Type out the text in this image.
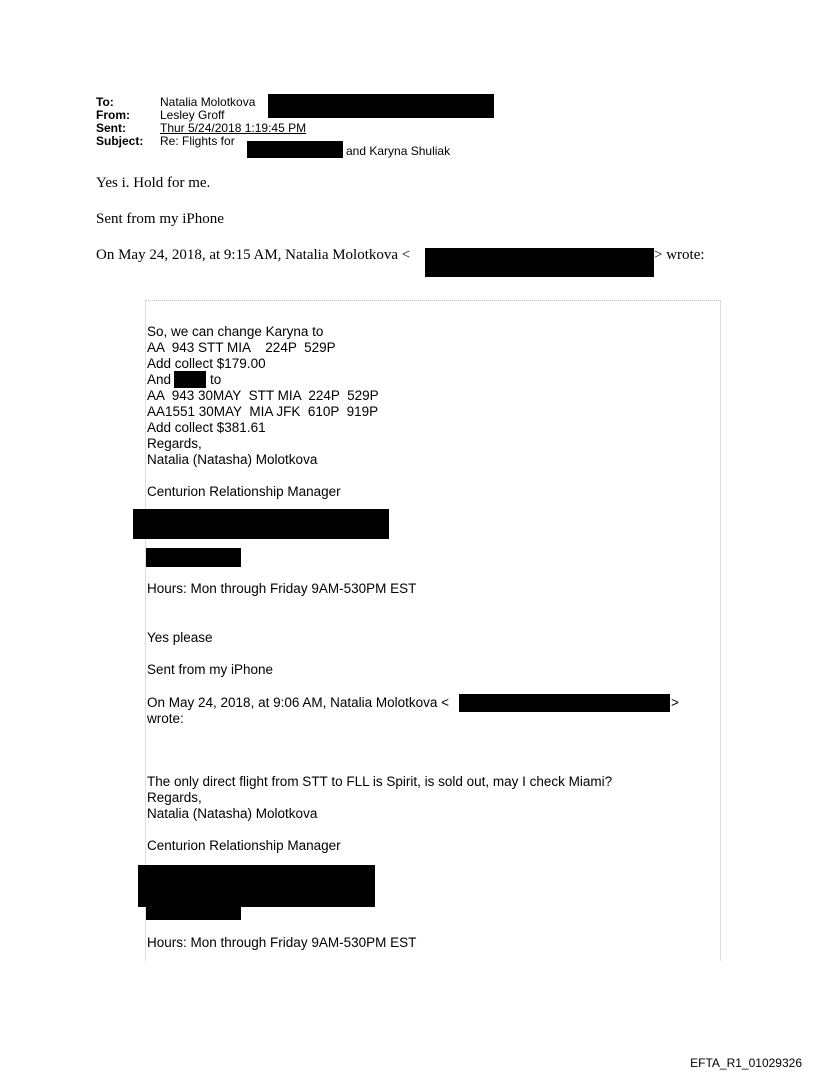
To:	Natalia Molotkova
From:	Lesley Groff
Sent:	Thur 5/24/2018 1:19:45 PM
Subject: Re: Flights for
and Karyna Shuliak
Yes i. Hold for me.
Sent from my iPhone
On May 24, 2018, at 9:15 AM, Natalia Molotkova <	> wrote:
So, we can change Karyna to
AA  943 STT MIA    224P  529P
Add collect $179.00
And	to
AA  943 30MAY  STT MIA  224P  529P
AA1551 30MAY  MIA JFK  610P  919P
Add collect $381.61
Regards,
Natalia (Natasha) Molotkova
Centurion Relationship Manager
Hours: Mon through Friday 9AM-530PM EST
Yes please
Sent from my iPhone
On May 24, 2018, at 9:06 AM, Natalia Molotkova <	>
wrote:
The only direct flight from STT to FLL is Spirit, is sold out, may I check Miami?
Regards,
Natalia (Natasha) Molotkova
Centurion Relationship Manager
Hours: Mon through Friday 9AM-530PM EST
EFTA_R1_01029326
